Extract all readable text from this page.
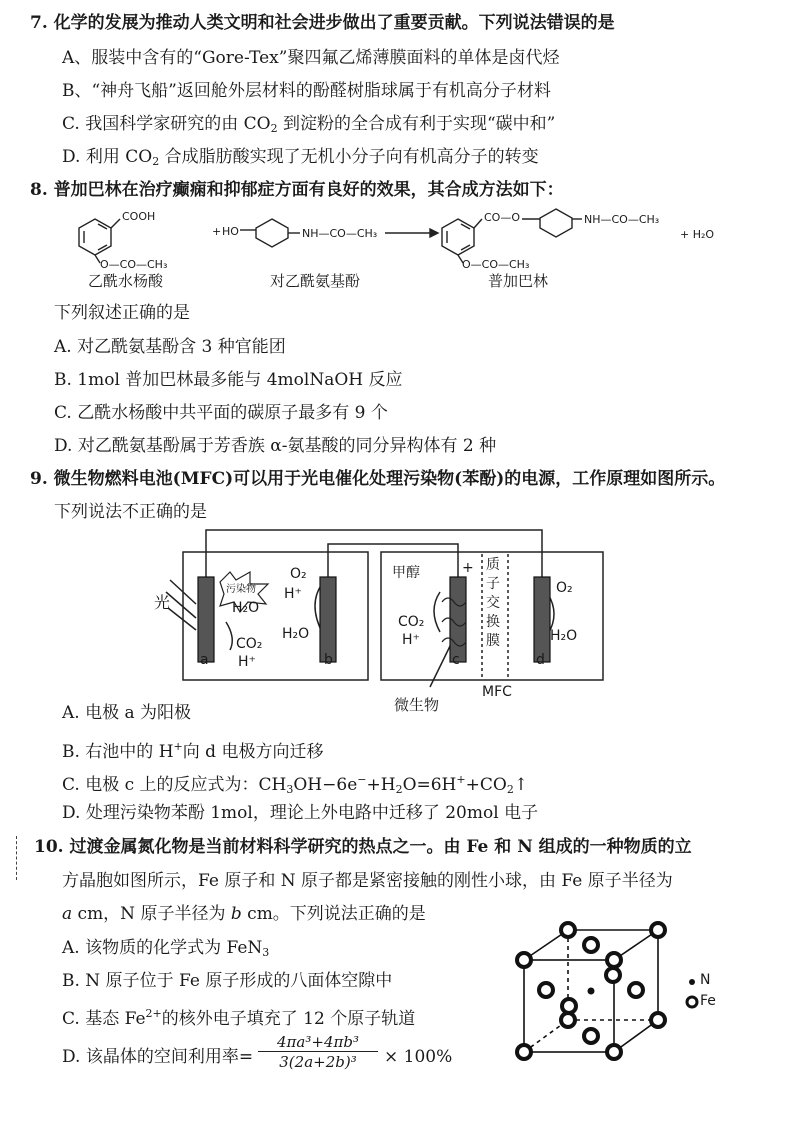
7. 化学的发展为推动人类文明和社会进步做出了重要贡献。下列说法错误的是
A、服装中含有的“Gore-Tex”聚四氟乙烯薄膜面料的单体是卤代烃
B、“神舟飞船”返回舱外层材料的酚醛树脂球属于有机高分子材料
C. 我国科学家研究的由 $CO_2$ 到淀粉的全合成有利于实现“碳中和”
D. 利用 $CO_2$ 合成脂肪酸实现了无机小分子向有机高分子的转变
8. 普加巴林在治疗癫痫和抑郁症方面有良好的效果，其合成方法如下：
COOH
O—CO—CH₃
+ HO	NH—CO—CH₃
CO—O	NH—CO—CH₃
O—CO—CH₃
+ H₂O
乙酰水杨酸	对乙酰氨基酚	普加巴林
下列叙述正确的是
A. 对乙酰氨基酚含 3 种官能团
B. 1mol 普加巴林最多能与 4molNaOH 反应
C. 乙酰水杨酸中共平面的碳原子最多有 9 个
D. 对乙酰氨基酚属于芳香族 α-氨基酸的同分异构体有 2 种
9. 微生物燃料电池(MFC)可以用于光电催化处理污染物(苯酚)的电源，工作原理如图所示。
下列说法不正确的是
光
污染物
H₂O
CO₂
H⁺
O₂
H⁺
H₂O
a	b
甲醇	+
CO₂
H⁺
质子交换膜
O₂
H₂O
c	d
MFC
微生物
A. 电极 a 为阳极
B. 右池中的 H+向 d 电极方向迁移
C. 电极 c 上的反应式为：$CH_3OH-6e^-+H_2O=6H^++CO_2↑$
D. 处理污染物苯酚 1mol，理论上外电路中迁移了 20mol 电子
10. 过渡金属氮化物是当前材料科学研究的热点之一。由 Fe 和 N 组成的一种物质的立
方晶胞如图所示，Fe 原子和 N 原子都是紧密接触的刚性小球，由 Fe 原子半径为
a cm，N 原子半径为 b cm。下列说法正确的是
A. 该物质的化学式为 FeN$_3$
B. N 原子位于 Fe 原子形成的八面体空隙中
C. 基态 $Fe^{2+}$的核外电子填充了 12 个原子轨道
D. 该晶体的空间利用率=
4πa³+4πb³
3(2a+2b)³	× 100%
N
Fe
